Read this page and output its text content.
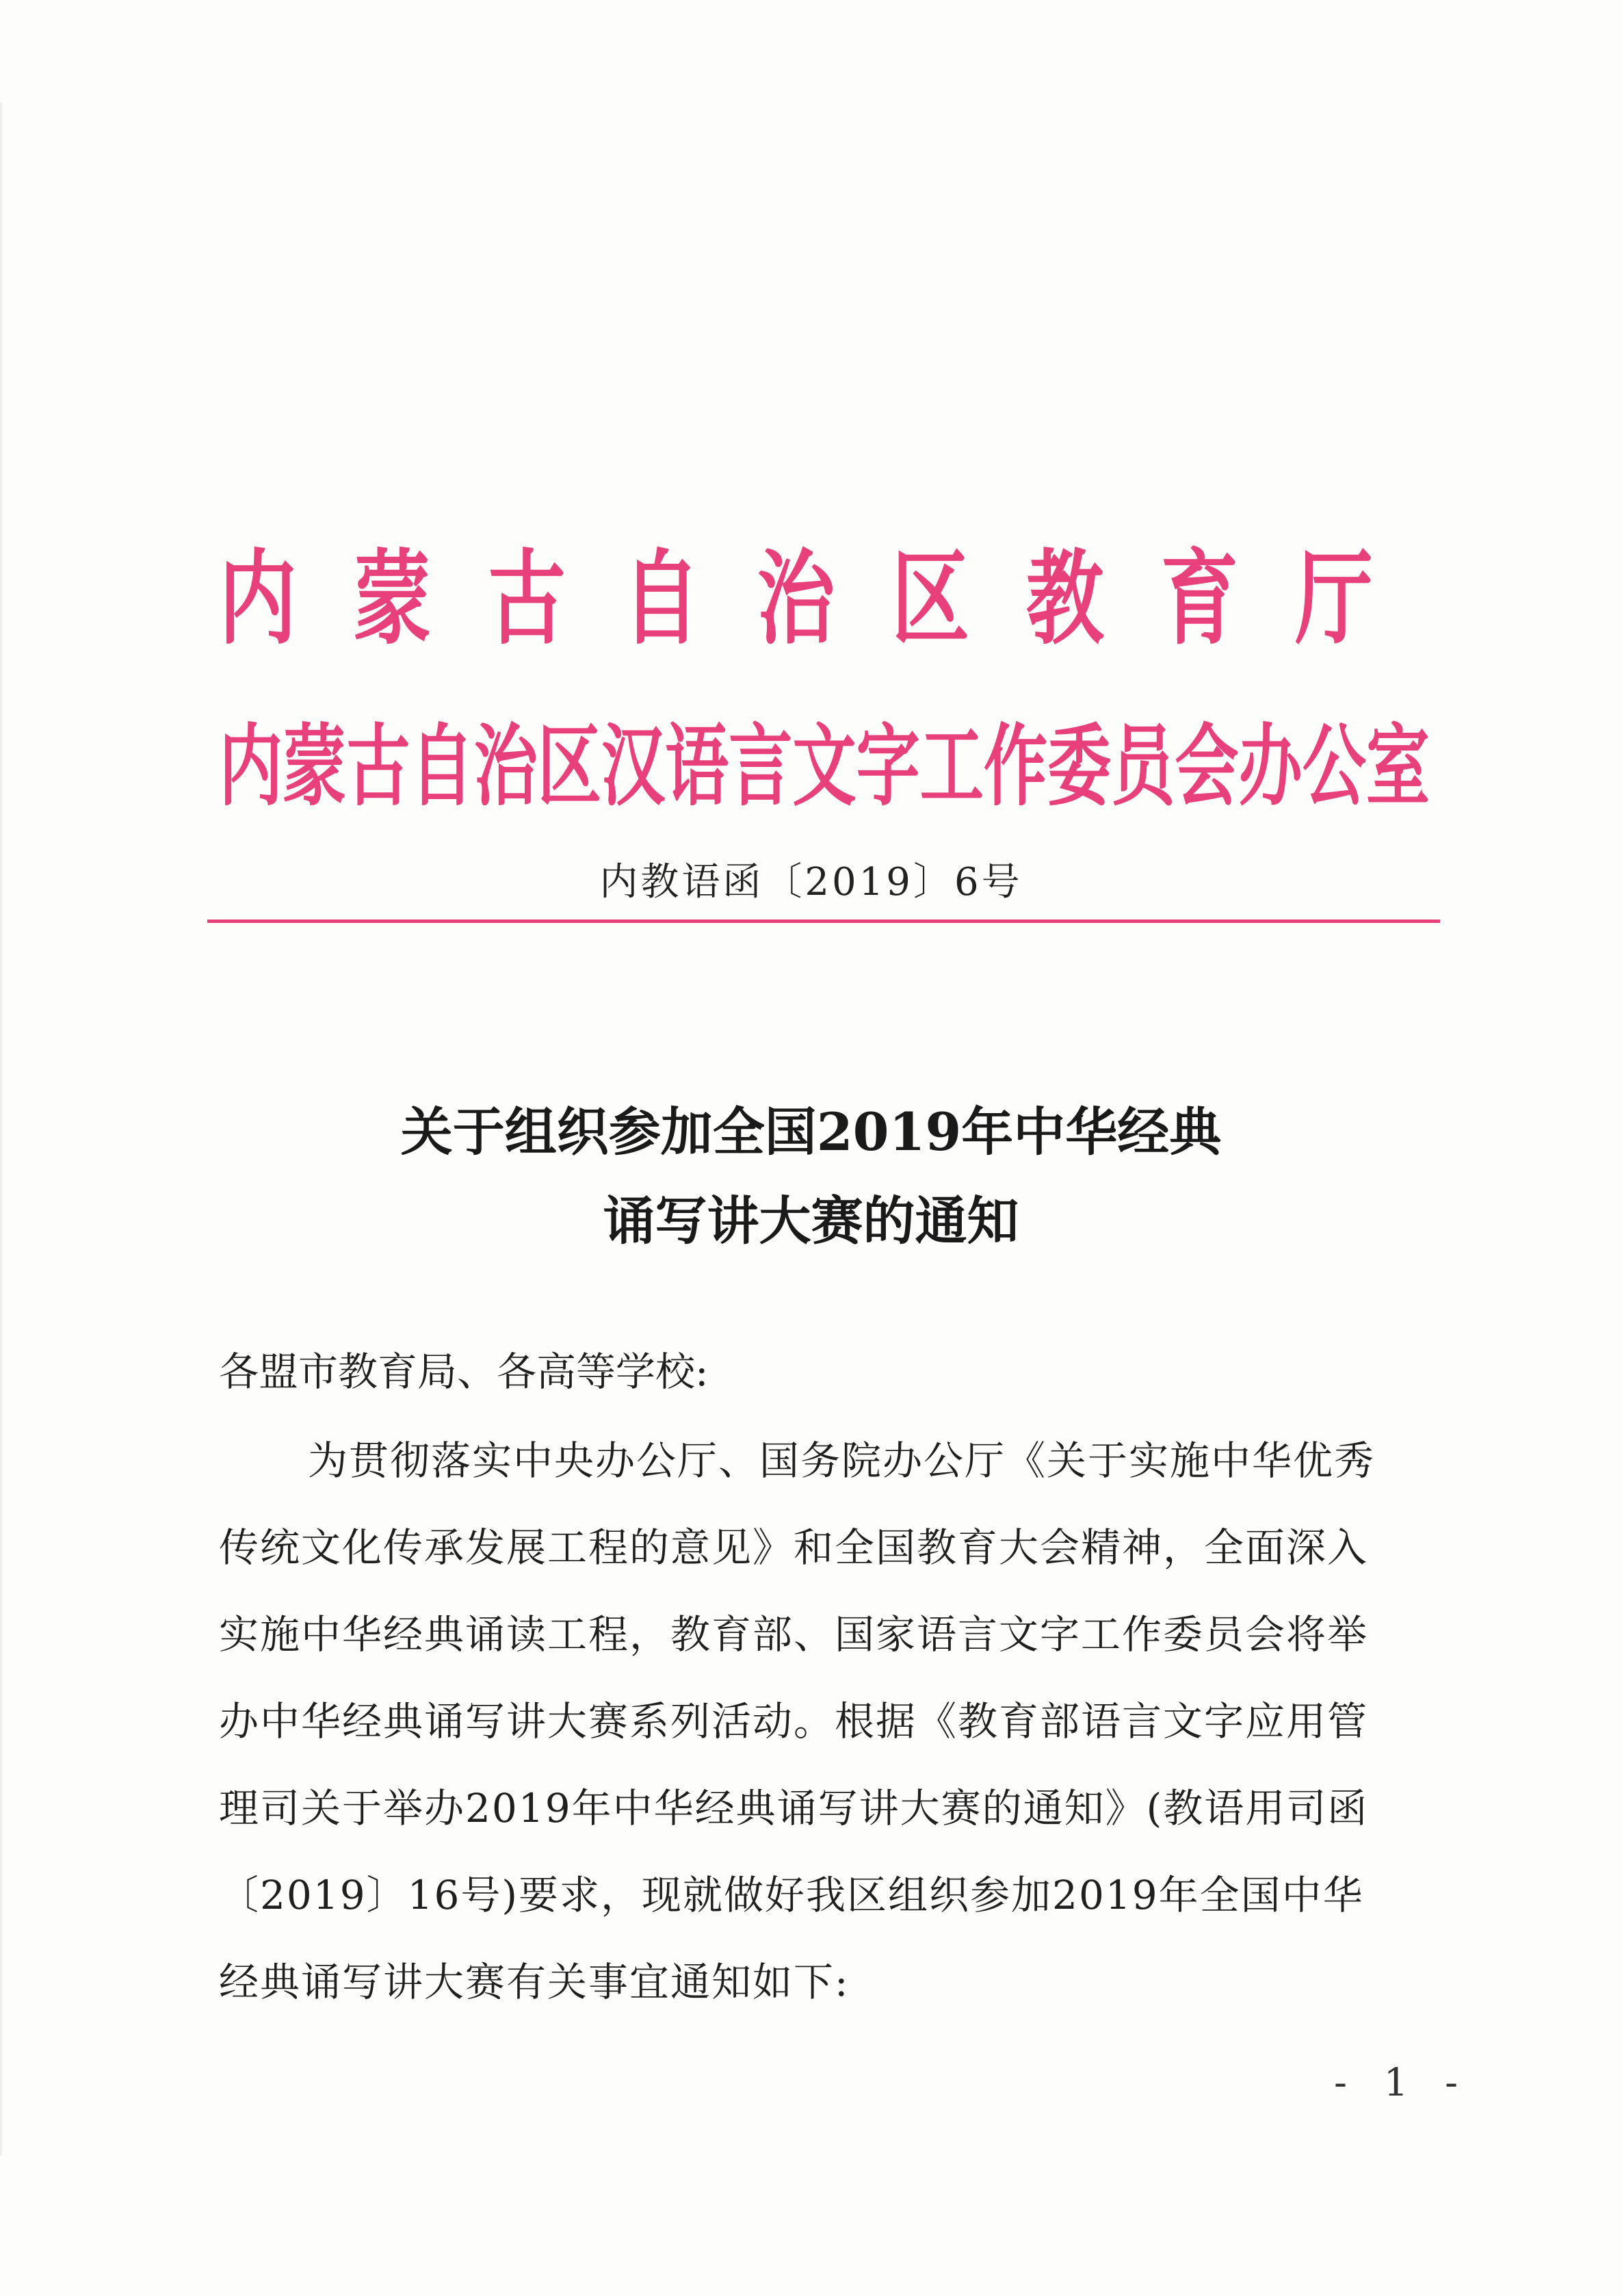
内蒙古自治区教育厅
内蒙古自治区汉语言文字工作委员会办公室
内教语函〔2019〕6号
关于组织参加全国2019年中华经典
诵写讲大赛的通知
各盟市教育局、各高等学校:
为贯彻落实中央办公厅、国务院办公厅《关于实施中华优秀
传统文化传承发展工程的意见》和全国教育大会精神，全面深入
实施中华经典诵读工程，教育部、国家语言文字工作委员会将举
办中华经典诵写讲大赛系列活动。根据《教育部语言文字应用管
理司关于举办2019年中华经典诵写讲大赛的通知》(教语用司函
〔2019〕16号)要求，现就做好我区组织参加2019年全国中华
经典诵写讲大赛有关事宜通知如下:
- 1 -
